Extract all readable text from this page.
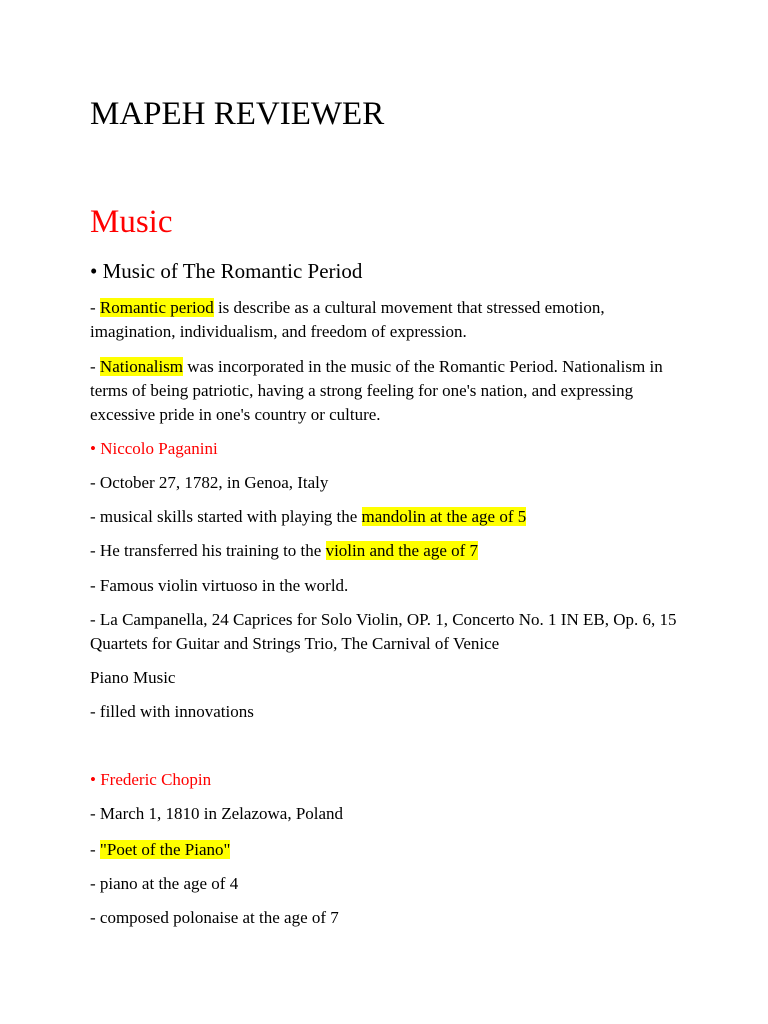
MAPEH REVIEWER
Music
• Music of The Romantic Period

- Romantic period is describe as a cultural movement that stressed emotion, imagination, individualism, and freedom of expression.

- Nationalism was incorporated in the music of the Romantic Period. Nationalism in terms of being patriotic, having a strong feeling for one's nation, and expressing excessive pride in one's country or culture.

• Niccolo Paganini

- October 27, 1782, in Genoa, Italy

- musical skills started with playing the mandolin at the age of 5

- He transferred his training to the violin and the age of 7

- Famous violin virtuoso in the world.

- La Campanella, 24 Caprices for Solo Violin, OP. 1, Concerto No. 1 IN EB, Op. 6, 15 Quartets for Guitar and Strings Trio, The Carnival of Venice

Piano Music

- filled with innovations

• Frederic Chopin

- March 1, 1810 in Zelazowa, Poland

- "Poet of the Piano"

- piano at the age of 4

- composed polonaise at the age of 7
